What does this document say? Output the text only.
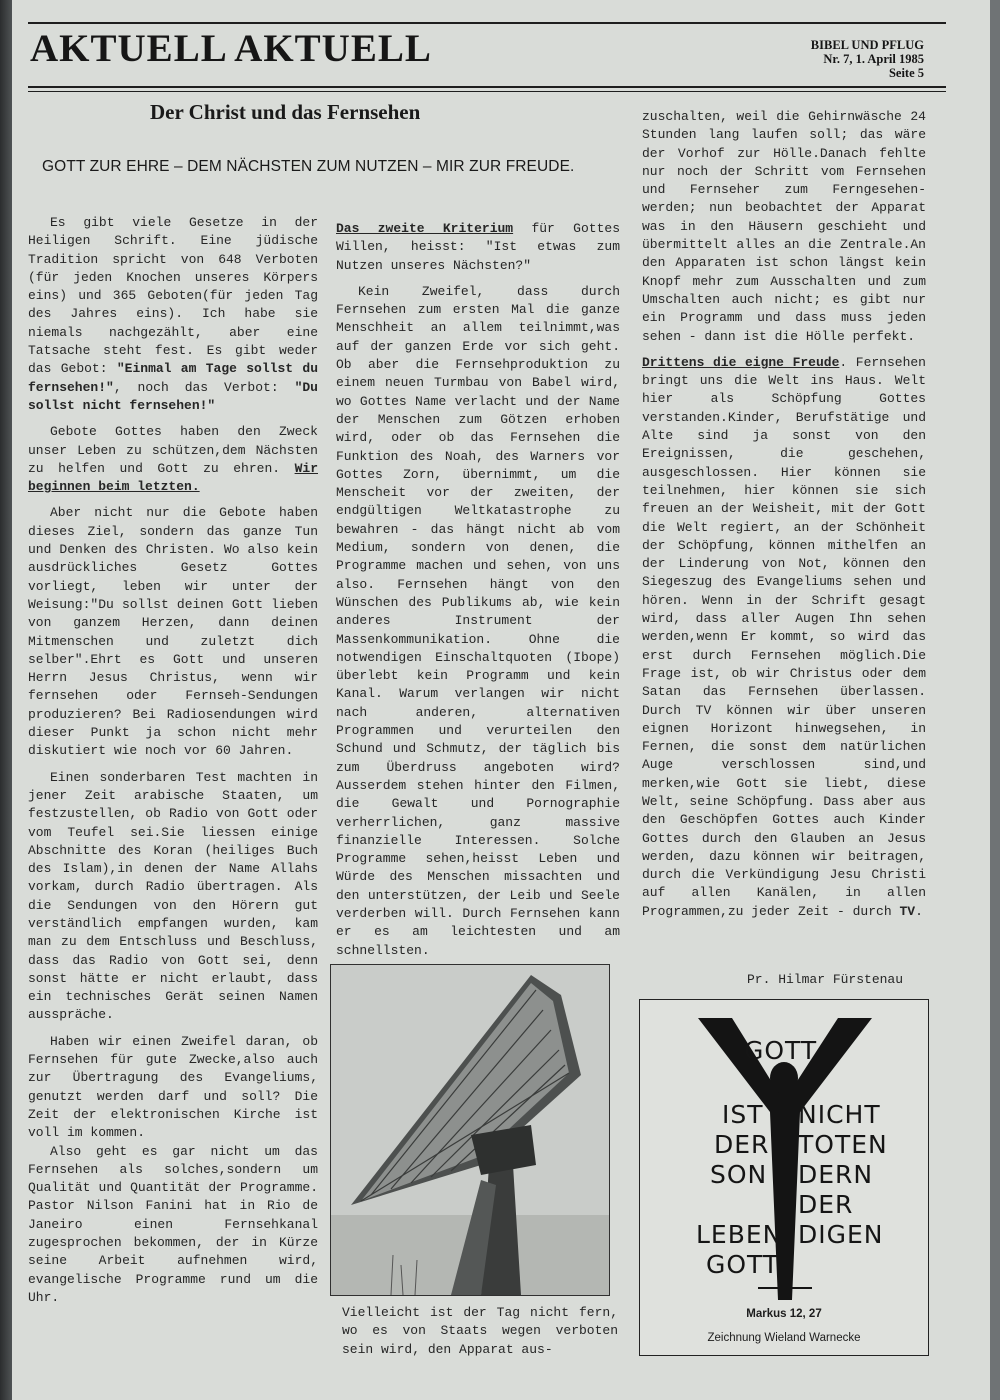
AKTUELL AKTUELL	BIBEL UND PFLUG
Nr. 7, 1. April 1985
Seite 5
Der Christ und das Fernsehen
GOTT ZUR EHRE – DEM NÄCHSTEN ZUM NUTZEN – MIR ZUR FREUDE.

Es gibt viele Gesetze in der Heiligen Schrift. Eine jüdische Tradition spricht von 648 Verboten (für jeden Knochen unseres Körpers eins) und 365 Geboten(für jeden Tag des Jahres eins). Ich habe sie niemals nachgezählt, aber eine Tatsache steht fest. Es gibt weder das Gebot: "Einmal am Tage sollst du fernsehen!", noch das Verbot: "Du sollst nicht fernsehen!"

Gebote Gottes haben den Zweck unser Leben zu schützen,dem Nächsten zu helfen und Gott zu ehren. Wir beginnen beim letzten.

Aber nicht nur die Gebote haben dieses Ziel, sondern das ganze Tun und Denken des Christen. Wo also kein ausdrückliches Gesetz Gottes vorliegt, leben wir unter der Weisung:"Du sollst deinen Gott lieben von ganzem Herzen, dann deinen Mitmenschen und zuletzt dich selber".Ehrt es Gott und unseren Herrn Jesus Christus, wenn wir fernsehen oder Fernseh-Sendungen produzieren? Bei Radiosendungen wird dieser Punkt ja schon nicht mehr diskutiert wie noch vor 60 Jahren.

Einen sonderbaren Test machten in jener Zeit arabische Staaten, um festzustellen, ob Radio von Gott oder vom Teufel sei.Sie liessen einige Abschnitte des Koran (heiliges Buch des Islam),in denen der Name Allahs vorkam, durch Radio übertragen. Als die Sendungen von den Hörern gut verständlich empfangen wurden, kam man zu dem Entschluss und Beschluss, dass das Radio von Gott sei, denn sonst hätte er nicht erlaubt, dass ein technisches Gerät seinen Namen ausspräche.

Haben wir einen Zweifel daran, ob Fernsehen für gute Zwecke,also auch zur Übertragung des Evangeliums, genutzt werden darf und soll? Die Zeit der elektronischen Kirche ist voll im kommen.

Also geht es gar nicht um das Fernsehen als solches,sondern um Qualität und Quantität der Programme. Pastor Nilson Fanini hat in Rio de Janeiro einen Fernsehkanal zugesprochen bekommen, der in Kürze seine Arbeit aufnehmen wird, evangelische Programme rund um die Uhr.

Das zweite Kriterium für Gottes Willen, heisst: "Ist etwas zum Nutzen unseres Nächsten?"

Kein Zweifel, dass durch Fernsehen zum ersten Mal die ganze Menschheit an allem teilnimmt,was auf der ganzen Erde vor sich geht. Ob aber die Fernsehproduktion zu einem neuen Turmbau von Babel wird, wo Gottes Name verlacht und der Name der Menschen zum Götzen erhoben wird, oder ob das Fernsehen die Funktion des Noah, des Warners vor Gottes Zorn, übernimmt, um die Menscheit vor der zweiten, der endgültigen Weltkatastrophe zu bewahren - das hängt nicht ab vom Medium, sondern von denen, die Programme machen und sehen, von uns also. Fernsehen hängt von den Wünschen des Publikums ab, wie kein anderes Instrument der Massenkommunikation. Ohne die notwendigen Einschaltquoten (Ibope) überlebt kein Programm und kein Kanal. Warum verlangen wir nicht nach anderen, alternativen Programmen und verurteilen den Schund und Schmutz, der täglich bis zum Überdruss angeboten wird? Ausserdem stehen hinter den Filmen, die Gewalt und Pornographie verherrlichen, ganz massive finanzielle Interessen. Solche Programme sehen,heisst Leben und Würde des Menschen missachten und den unterstützen, der Leib und Seele verderben will. Durch Fernsehen kann er es am leichtesten und am schnellsten.

Vielleicht ist der Tag nicht fern, wo es von Staats wegen verboten sein wird, den Apparat aus-

zuschalten, weil die Gehirnwäsche 24 Stunden lang laufen soll; das wäre der Vorhof zur Hölle.Danach fehlte nur noch der Schritt vom Fernsehen und Fernseher zum Ferngesehen-werden; nun beobachtet der Apparat was in den Häusern geschieht und übermittelt alles an die Zentrale.An den Apparaten ist schon längst kein Knopf mehr zum Ausschalten und zum Umschalten auch nicht; es gibt nur ein Programm und dass muss jeden sehen - dann ist die Hölle perfekt.

Drittens die eigne Freude. Fernsehen bringt uns die Welt ins Haus. Welt hier als Schöpfung Gottes verstanden.Kinder, Berufstätige und Alte sind ja sonst von den Ereignissen, die geschehen, ausgeschlossen. Hier können sie teilnehmen, hier können sie sich freuen an der Weisheit, mit der Gott die Welt regiert, an der Schönheit der Schöpfung, können mithelfen an der Linderung von Not, können den Siegeszug des Evangeliums sehen und hören. Wenn in der Schrift gesagt wird, dass aller Augen Ihn sehen werden,wenn Er kommt, so wird das erst durch Fernsehen möglich.Die Frage ist, ob wir Christus oder dem Satan das Fernsehen überlassen. Durch TV können wir über unseren eignen Horizont hinwegsehen, in Fernen, die sonst dem natürlichen Auge verschlossen sind,und merken,wie Gott sie liebt, diese Welt, seine Schöpfung. Dass aber aus den Geschöpfen Gottes auch Kinder Gottes durch den Glauben an Jesus werden, dazu können wir beitragen, durch die Verkündigung Jesu Christi auf allen Kanälen, in allen Programmen,zu jeder Zeit - durch TV.

Pr. Hilmar Fürstenau
GOTT
IST NICHT
DER TOTEN
SON DERN
DER
LEBEN DIGEN
GOTT
Markus 12, 27
Zeichnung Wieland Warnecke
